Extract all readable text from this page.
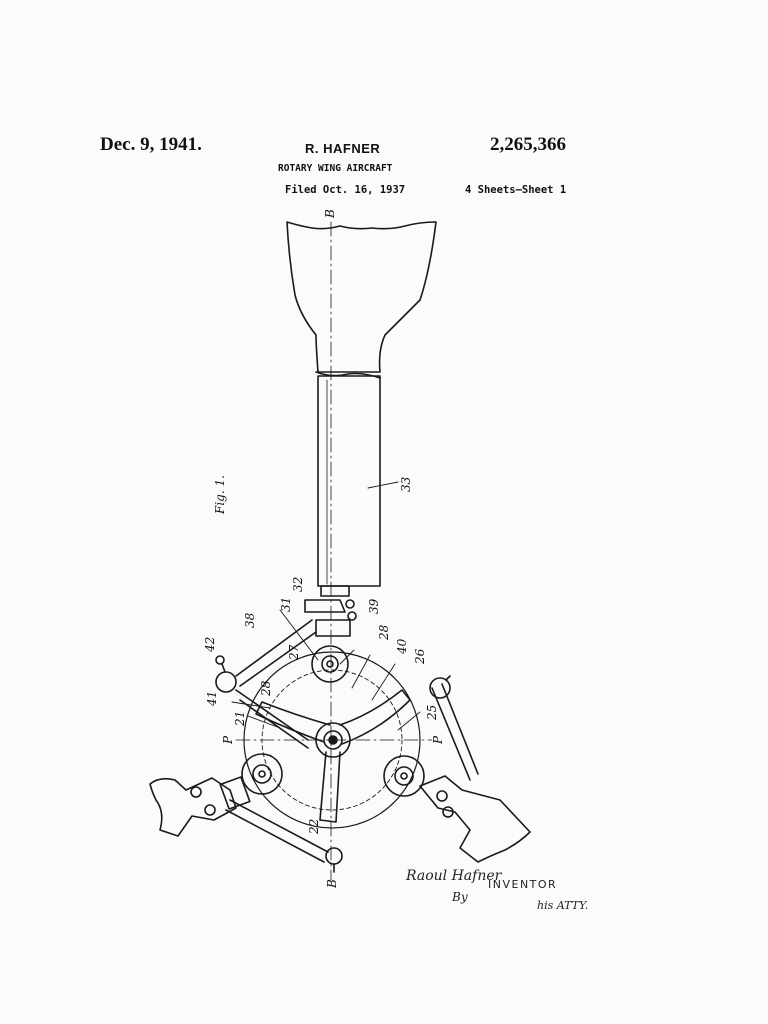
Dec. 9, 1941.	R. HAFNER	2,265,366
ROTARY WING AIRCRAFT
Filed Oct. 16, 1937	4 Sheets–Sheet 1
Fig. 1.
B
33
32
31	39
38
42
27
28
40
26
28
41
21	25
P	P
22
B	Raoul Hafner
INVENTOR
By
his ATTY.
